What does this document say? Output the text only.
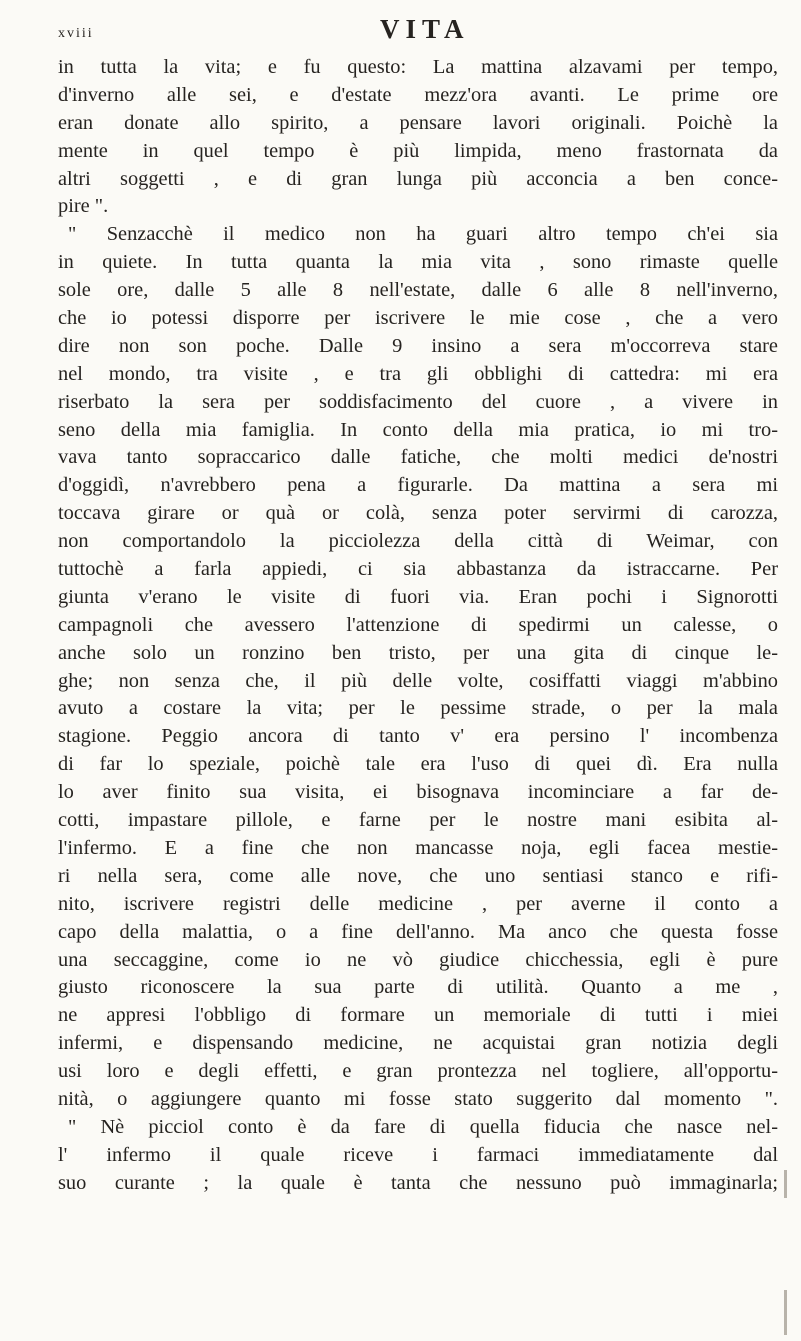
xviii	VITA
in tutta la vita; e fu questo: La mattina alzavami per tempo,
d'inverno alle sei, e d'estate mezz'ora avanti. Le prime ore
eran donate allo spirito, a pensare lavori originali. Poichè la
mente in quel tempo è più limpida, meno frastornata da
altri soggetti , e di gran lunga più acconcia a ben conce-
pire ".
" Senzacchè il medico non ha guari altro tempo ch'ei sia
in quiete. In tutta quanta la mia vita , sono rimaste quelle
sole ore, dalle 5 alle 8 nell'estate, dalle 6 alle 8 nell'inverno,
che io potessi disporre per iscrivere le mie cose , che a vero
dire non son poche. Dalle 9 insino a sera m'occorreva stare
nel mondo, tra visite , e tra gli obblighi di cattedra: mi era
riserbato la sera per soddisfacimento del cuore , a vivere in
seno della mia famiglia. In conto della mia pratica, io mi tro-
vava tanto sopraccarico dalle fatiche, che molti medici de'nostri
d'oggidì, n'avrebbero pena a figurarle. Da mattina a sera mi
toccava girare or quà or colà, senza poter servirmi di carozza,
non comportandolo la picciolezza della città di Weimar, con
tuttochè a farla appiedi, ci sia abbastanza da istraccarne. Per
giunta v'erano le visite di fuori via. Eran pochi i Signorotti
campagnoli che avessero l'attenzione di spedirmi un calesse, o
anche solo un ronzino ben tristo, per una gita di cinque le-
ghe; non senza che, il più delle volte, cosiffatti viaggi m'abbino
avuto a costare la vita; per le pessime strade, o per la mala
stagione. Peggio ancora di tanto v' era persino l' incombenza
di far lo speziale, poichè tale era l'uso di quei dì. Era nulla
lo aver finito sua visita, ei bisognava incominciare a far de-
cotti, impastare pillole, e farne per le nostre mani esibita al-
l'infermo. E a fine che non mancasse noja, egli facea mestie-
ri nella sera, come alle nove, che uno sentiasi stanco e rifi-
nito, iscrivere registri delle medicine , per averne il conto a
capo della malattia, o a fine dell'anno. Ma anco che questa fosse
una seccaggine, come io ne vò giudice chicchessia, egli è pure
giusto riconoscere la sua parte di utilità. Quanto a me ,
ne appresi l'obbligo di formare un memoriale di tutti i miei
infermi, e dispensando medicine, ne acquistai gran notizia degli
usi loro e degli effetti, e gran prontezza nel togliere, all'opportu-
nità, o aggiungere quanto mi fosse stato suggerito dal momento ".
" Nè picciol conto è da fare di quella fiducia che nasce nel-
l' infermo il quale riceve i farmaci immediatamente dal
suo curante ; la quale è tanta che nessuno può immaginarla;
